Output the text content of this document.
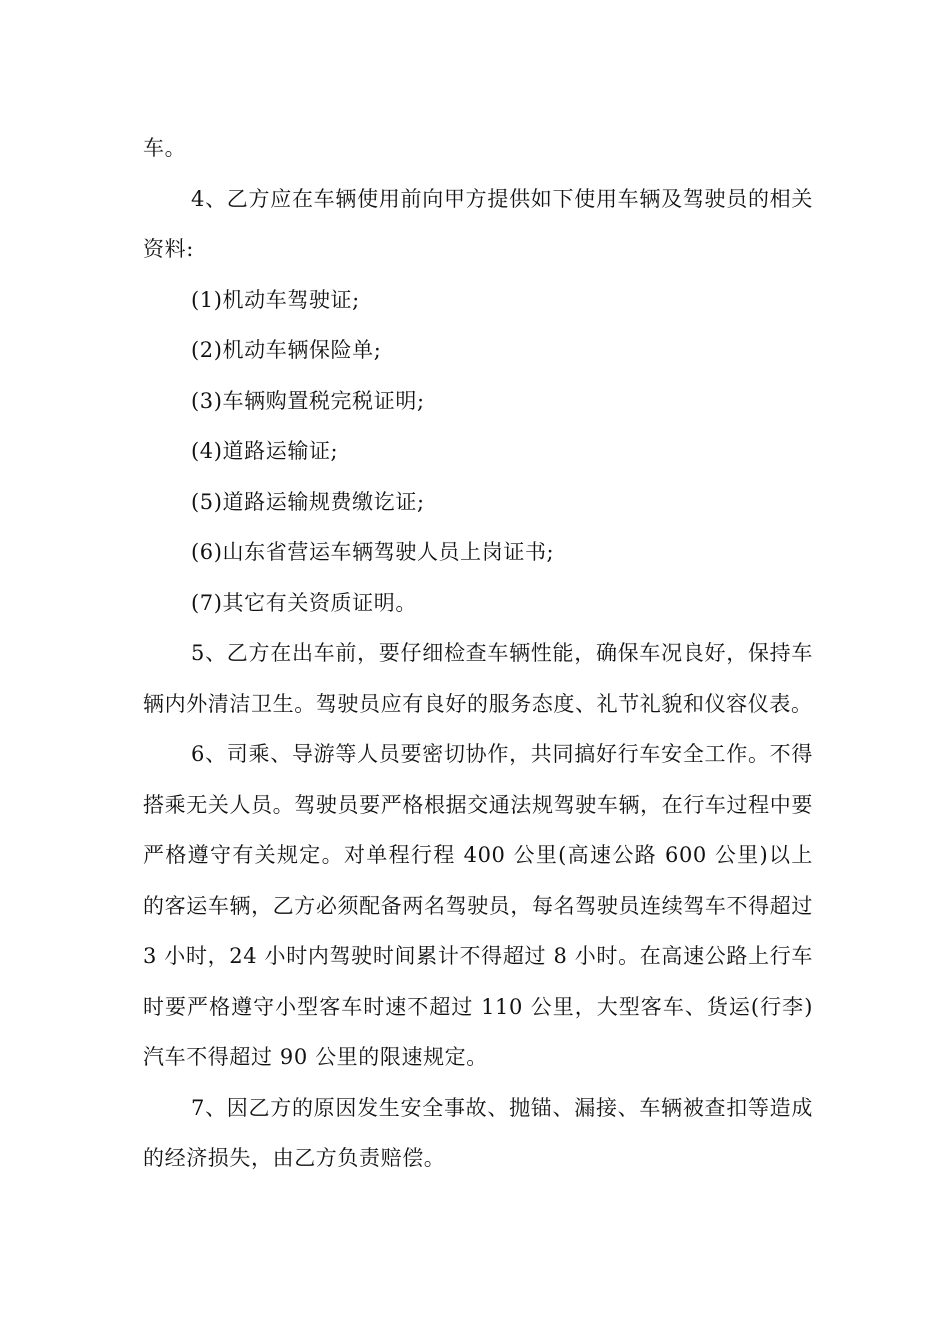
车。

4、乙方应在车辆使用前向甲方提供如下使用车辆及驾驶员的相关资料:

(1)机动车驾驶证;

(2)机动车辆保险单;

(3)车辆购置税完税证明;

(4)道路运输证;

(5)道路运输规费缴讫证;

(6)山东省营运车辆驾驶人员上岗证书;

(7)其它有关资质证明。

5、乙方在出车前，要仔细检查车辆性能，确保车况良好，保持车辆内外清洁卫生。驾驶员应有良好的服务态度、礼节礼貌和仪容仪表。

6、司乘、导游等人员要密切协作，共同搞好行车安全工作。不得搭乘无关人员。驾驶员要严格根据交通法规驾驶车辆，在行车过程中要严格遵守有关规定。对单程行程 400 公里(高速公路 600 公里)以上的客运车辆，乙方必须配备两名驾驶员，每名驾驶员连续驾车不得超过 3 小时，24 小时内驾驶时间累计不得超过 8 小时。在高速公路上行车时要严格遵守小型客车时速不超过 110 公里，大型客车、货运(行李)汽车不得超过 90 公里的限速规定。

7、因乙方的原因发生安全事故、抛锚、漏接、车辆被查扣等造成的经济损失，由乙方负责赔偿。
